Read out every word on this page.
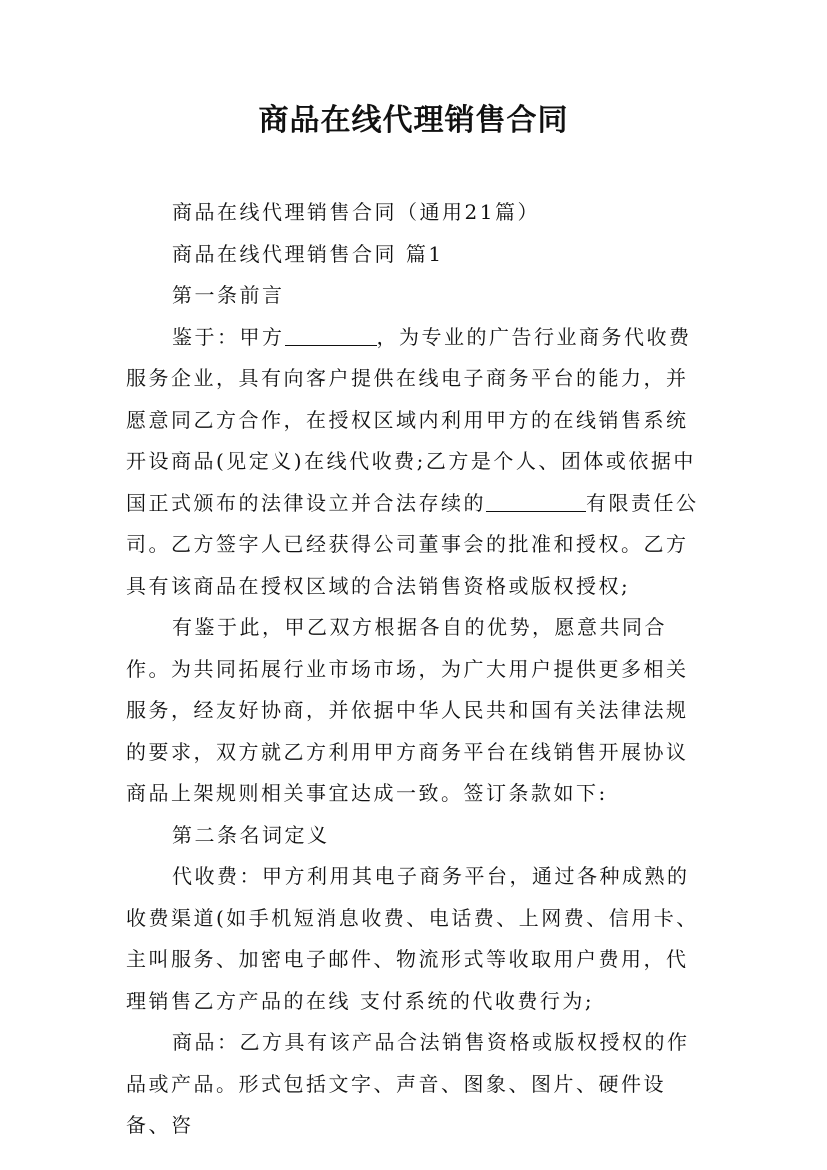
商品在线代理销售合同

商品在线代理销售合同（通用21篇）

商品在线代理销售合同 篇1

第一条前言

鉴于：甲方	，为专业的广告行业商务代收费服务企业，具有向客户提供在线电子商务平台的能力，并愿意同乙方合作，在授权区域内利用甲方的在线销售系统开设商品(见定义)在线代收费;乙方是个人、团体或依据中国正式颁布的法律设立并合法存续的	有限责任公司。乙方签字人已经获得公司董事会的批准和授权。乙方具有该商品在授权区域的合法销售资格或版权授权;

有鉴于此，甲乙双方根据各自的优势，愿意共同合作。为共同拓展行业市场市场，为广大用户提供更多相关服务，经友好协商，并依据中华人民共和国有关法律法规的要求，双方就乙方利用甲方商务平台在线销售开展协议商品上架规则相关事宜达成一致。签订条款如下:

第二条名词定义

代收费：甲方利用其电子商务平台，通过各种成熟的收费渠道(如手机短消息收费、电话费、上网费、信用卡、主叫服务、加密电子邮件、物流形式等收取用户费用，代理销售乙方产品的在线 支付系统的代收费行为;

商品：乙方具有该产品合法销售资格或版权授权的作品或产品。形式包括文字、声音、图象、图片、硬件设备、咨
